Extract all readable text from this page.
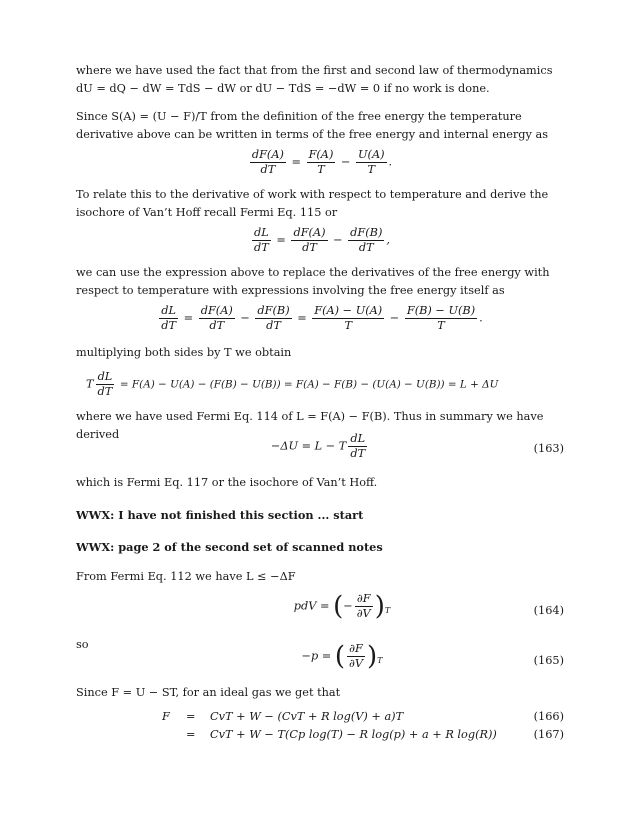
where we have used the fact that from the first and second law of thermodynamics dU = dQ − dW = TdS − dW or dU − TdS = −dW = 0 if no work is done.
Since S(A) = (U − F)/T from the definition of the free energy the temperature derivative above can be written in terms of the free energy and internal energy as
$\frac{dF(A)}{dT} = \frac{F(A)}{T} - \frac{U(A)}{T}$ .
To relate this to the derivative of work with respect to temperature and derive the isochore of Van’t Hoff recall Fermi Eq. 115 or
$\frac{dL}{dT} = \frac{dF(A)}{dT} - \frac{dF(B)}{dT}$ ,
we can use the expression above to replace the derivatives of the free energy with respect to temperature with expressions involving the free energy itself as
$\frac{dL}{dT} = \frac{dF(A)}{dT} - \frac{dF(B)}{dT} = \frac{F(A) - U(A)}{T} - \frac{F(B) - U(B)}{T}$ .
multiplying both sides by T we obtain
T $\frac{dL}{dT} = F(A) - U(A) - (F(B) - U(B)) = F(A) - F(B) - (U(A) - U(B)) = L + \Delta U$
where we have used Fermi Eq. 114 of L = F(A) − F(B). Thus in summary we have derived
−ΔU = L − T $\frac{dL}{dT}$	(163)
which is Fermi Eq. 117 or the isochore of Van’t Hoff.
WWX: I have not finished this section ... start
WWX: page 2 of the second set of scanned notes
From Fermi Eq. 112 we have L ≤ −ΔF
pdV = (− $\frac{\partial F}{\partial V} )_T$	(164)
so
−p = ( $\frac{\partial F}{\partial V} )_T$	(165)
Since F = U − ST, for an ideal gas we get that
F = CvT + W − (CvT + R log(V) + a)T	(166)
= CvT + W − T(Cp log(T) − R log(p) + a + R log(R))	(167)
